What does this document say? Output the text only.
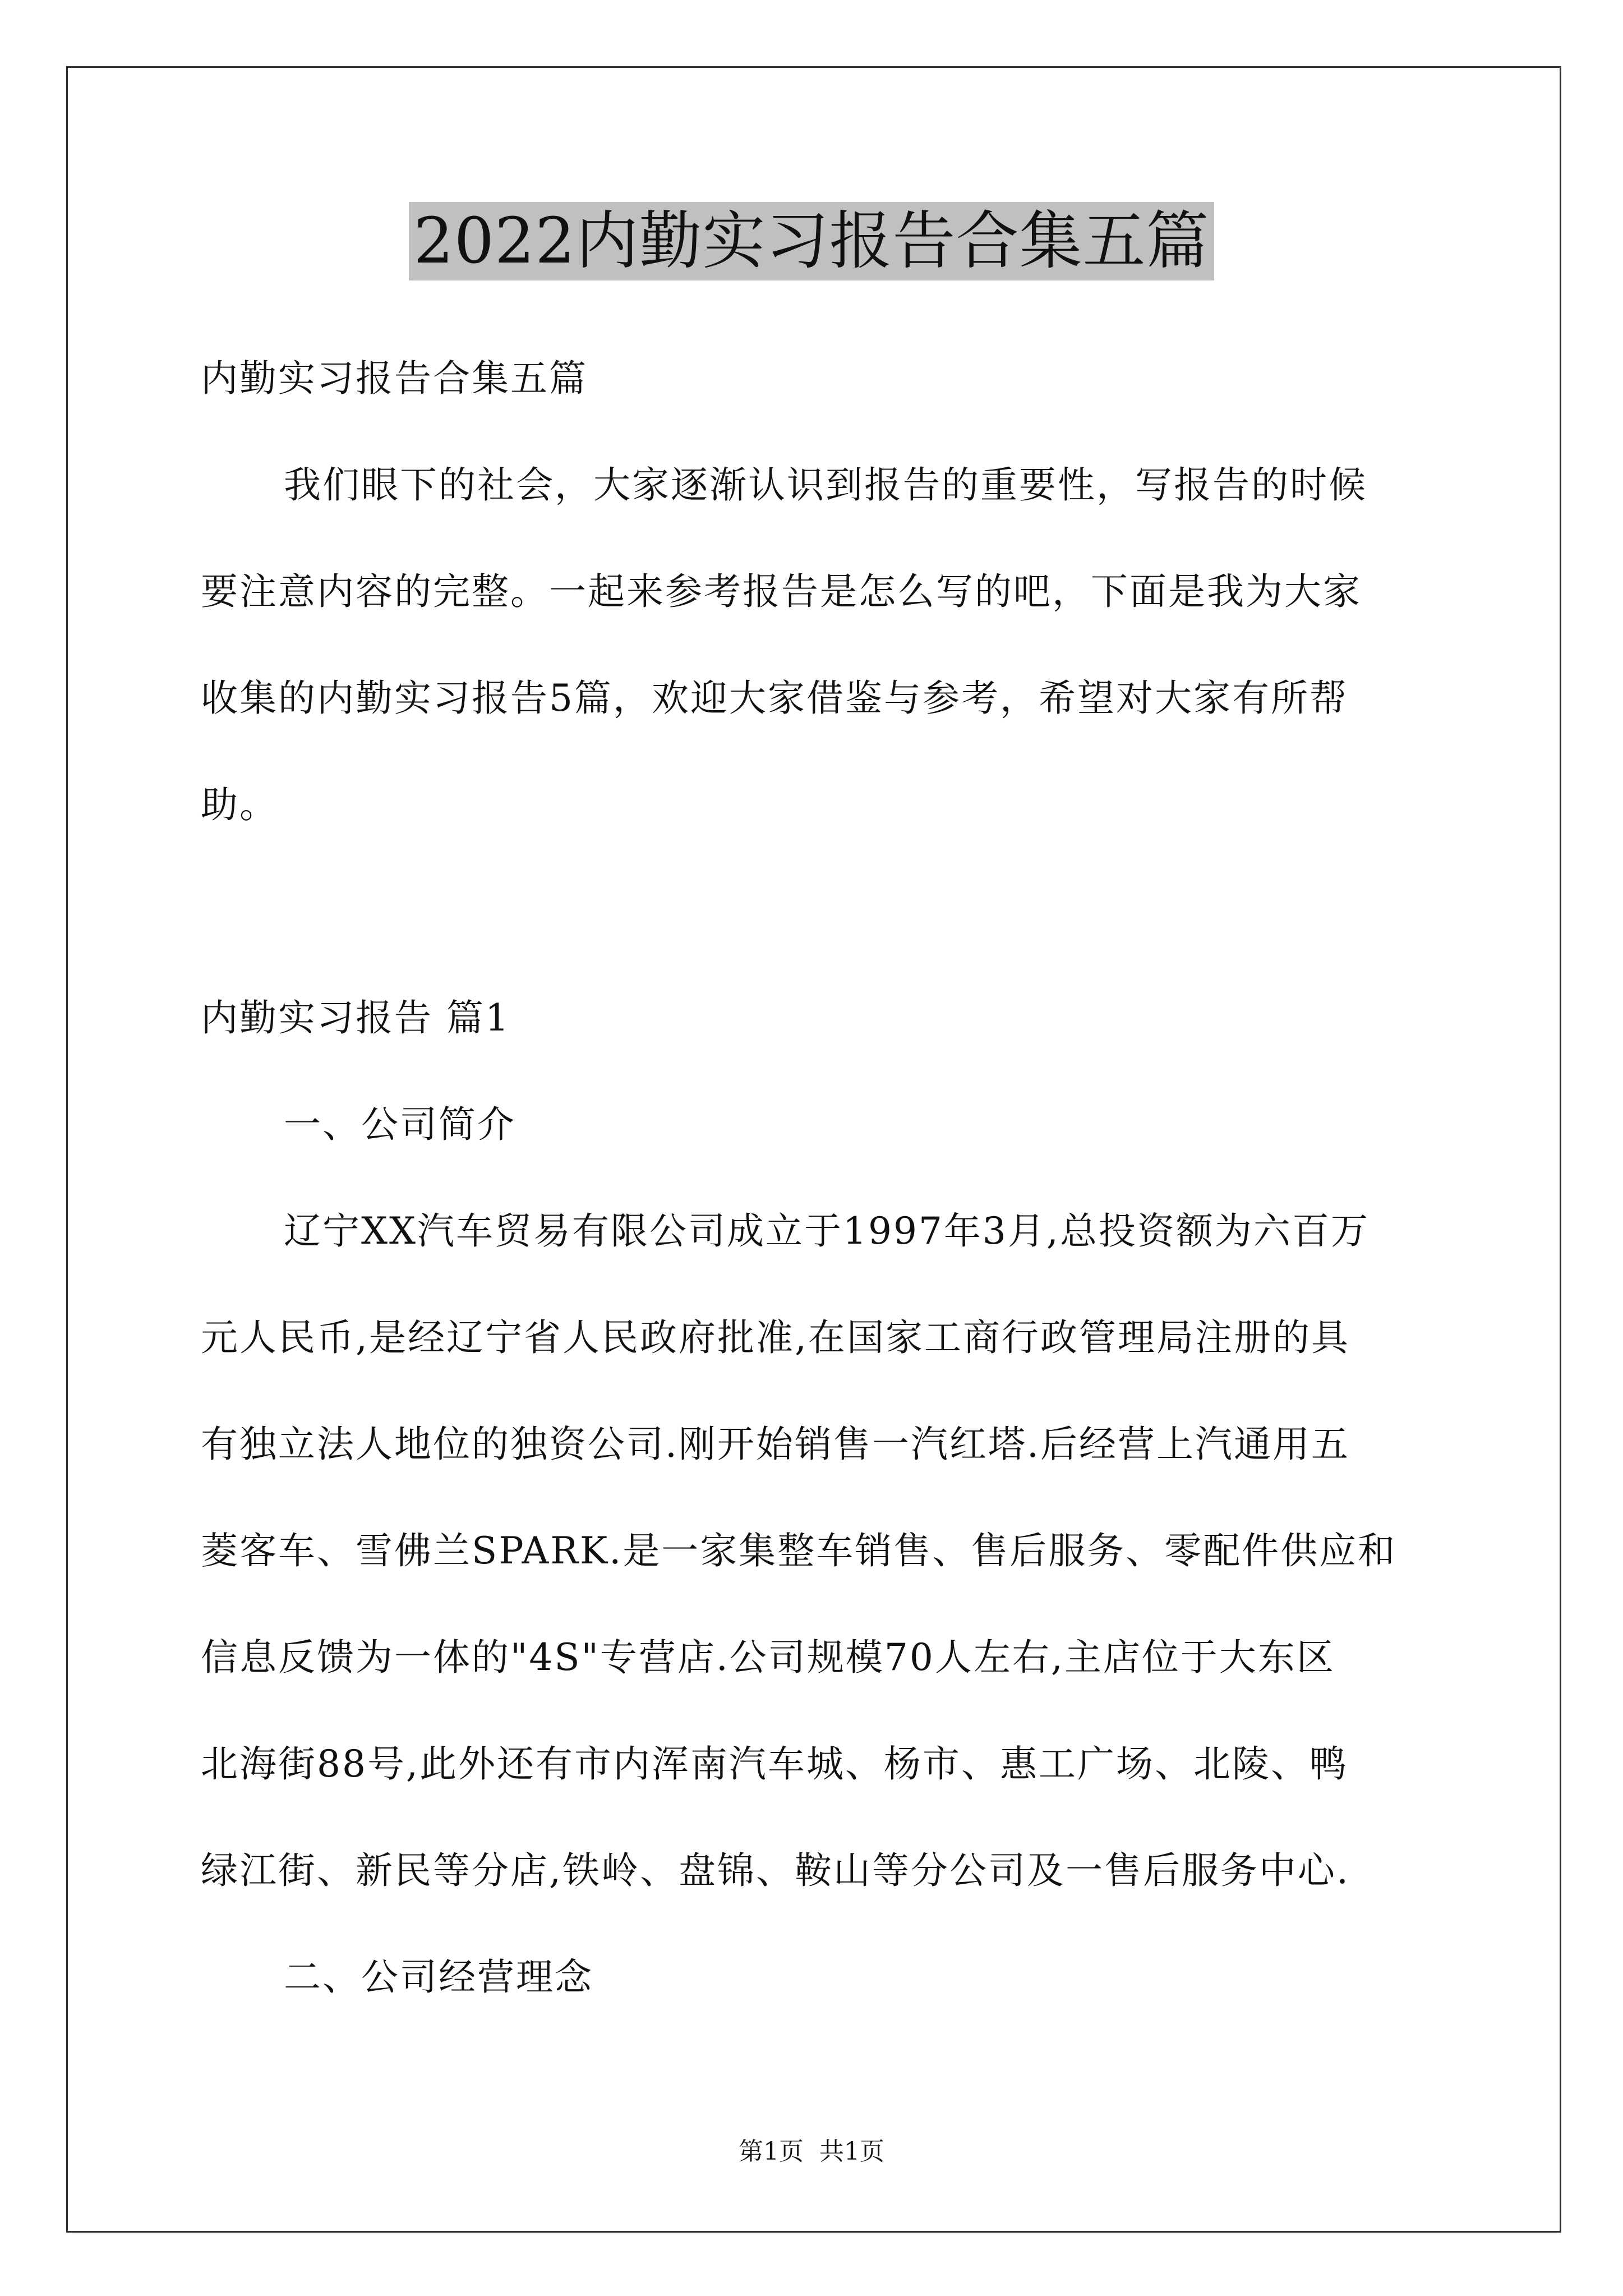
2022内勤实习报告合集五篇
内勤实习报告合集五篇
我们眼下的社会，大家逐渐认识到报告的重要性，写报告的时候
要注意内容的完整。一起来参考报告是怎么写的吧，下面是我为大家
收集的内勤实习报告5篇，欢迎大家借鉴与参考，希望对大家有所帮
助。
内勤实习报告 篇1
一、公司简介
辽宁XX汽车贸易有限公司成立于1997年3月,总投资额为六百万
元人民币,是经辽宁省人民政府批准,在国家工商行政管理局注册的具
有独立法人地位的独资公司.刚开始销售一汽红塔.后经营上汽通用五
菱客车、雪佛兰SPARK.是一家集整车销售、售后服务、零配件供应和
信息反馈为一体的"4S"专营店.公司规模70人左右,主店位于大东区
北海街88号,此外还有市内浑南汽车城、杨市、惠工广场、北陵、鸭
绿江街、新民等分店,铁岭、盘锦、鞍山等分公司及一售后服务中心.
二、公司经营理念
第1页 共1页
